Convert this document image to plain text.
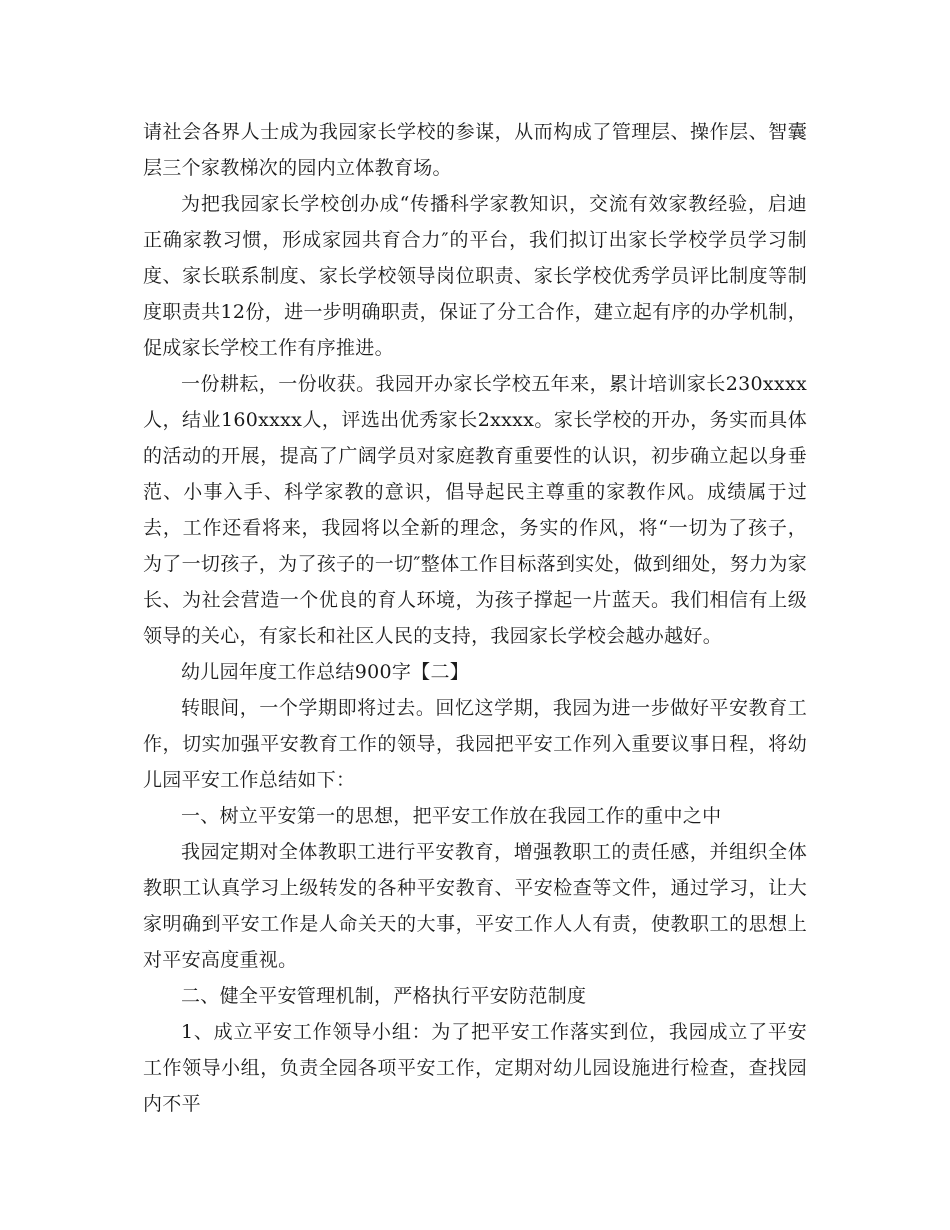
请社会各界人士成为我园家长学校的参谋，从而构成了管理层、操作层、智囊层三个家教梯次的园内立体教育场。

为把我园家长学校创办成“传播科学家教知识，交流有效家教经验，启迪正确家教习惯，形成家园共育合力″的平台，我们拟订出家长学校学员学习制度、家长联系制度、家长学校领导岗位职责、家长学校优秀学员评比制度等制度职责共12份，进一步明确职责，保证了分工合作，建立起有序的办学机制，促成家长学校工作有序推进。

一份耕耘，一份收获。我园开办家长学校五年来，累计培训家长230xxxx人，结业160xxxx人，评选出优秀家长2xxxx。家长学校的开办，务实而具体的活动的开展，提高了广阔学员对家庭教育重要性的认识，初步确立起以身垂范、小事入手、科学家教的意识，倡导起民主尊重的家教作风。成绩属于过去，工作还看将来，我园将以全新的理念，务实的作风，将“一切为了孩子，为了一切孩子，为了孩子的一切″整体工作目标落到实处，做到细处，努力为家长、为社会营造一个优良的育人环境，为孩子撑起一片蓝天。我们相信有上级领导的关心，有家长和社区人民的支持，我园家长学校会越办越好。

幼儿园年度工作总结900字【二】

转眼间，一个学期即将过去。回忆这学期，我园为进一步做好平安教育工作，切实加强平安教育工作的领导，我园把平安工作列入重要议事日程，将幼儿园平安工作总结如下：

一、树立平安第一的思想，把平安工作放在我园工作的重中之中

我园定期对全体教职工进行平安教育，增强教职工的责任感，并组织全体教职工认真学习上级转发的各种平安教育、平安检查等文件，通过学习，让大家明确到平安工作是人命关天的大事，平安工作人人有责，使教职工的思想上对平安高度重视。

二、健全平安管理机制，严格执行平安防范制度

1、成立平安工作领导小组：为了把平安工作落实到位，我园成立了平安工作领导小组，负责全园各项平安工作，定期对幼儿园设施进行检查，查找园内不平
